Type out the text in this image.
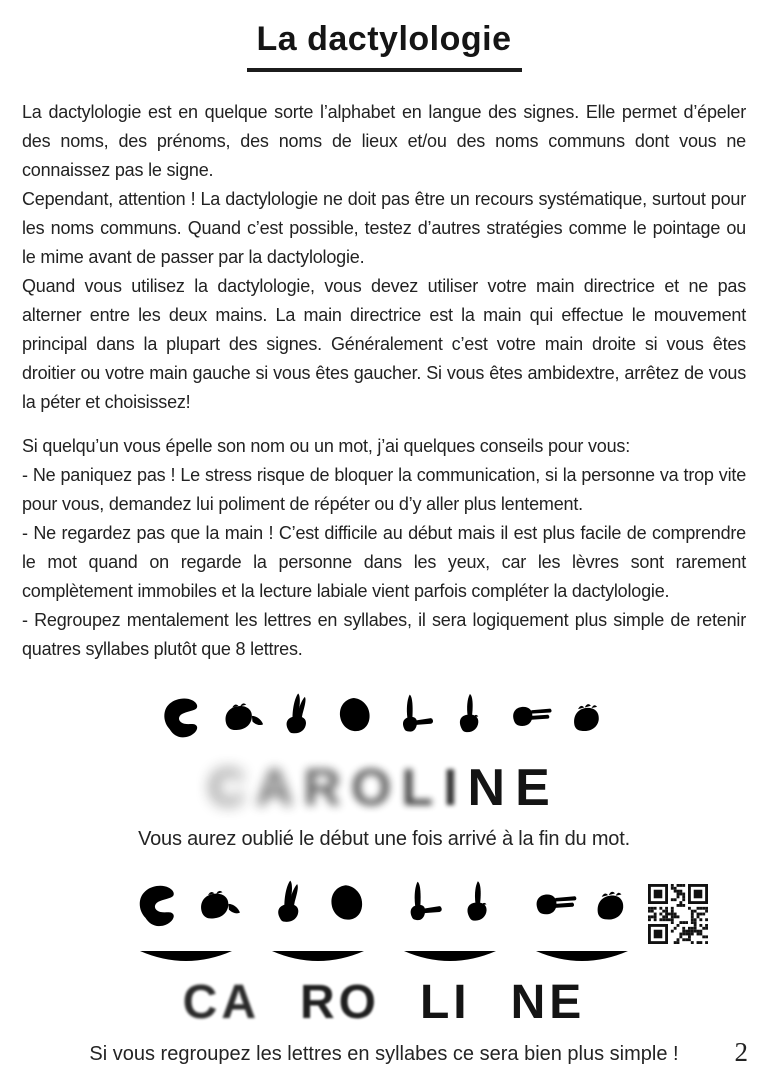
La dactylologie

La dactylologie est en quelque sorte l’alphabet en langue des signes. Elle permet d’épeler des noms, des prénoms, des noms de lieux et/ou des noms communs dont vous ne connaissez pas le signe.

Cependant, attention ! La dactylologie ne doit pas être un recours systématique, surtout pour les noms communs. Quand c’est possible, testez d’autres stratégies comme le pointage ou le mime avant de passer par la dactylologie.

Quand vous utilisez la dactylologie, vous devez utiliser votre main directrice et ne pas alterner entre les deux mains. La main directrice est la main qui effectue le mouvement principal dans la plupart des signes. Généralement c’est votre main droite si vous êtes droitier ou votre main gauche si vous êtes gaucher. Si vous êtes ambidextre, arrêtez de vous la péter et choisissez!

Si quelqu’un vous épelle son nom ou un mot, j’ai quelques conseils pour vous:

- Ne paniquez pas ! Le stress risque de bloquer la communication, si la personne va trop vite pour vous, demandez lui poliment de répéter ou d’y aller plus lentement.

- Ne regardez pas que la main ! C’est difficile au début mais il est plus facile de comprendre le mot quand on regarde la personne dans les yeux, car les lèvres sont rarement complètement immobiles et la lecture labiale vient parfois compléter la dactylologie.

- Regroupez mentalement les lettres en syllabes, il sera logiquement plus simple de retenir quatres syllabes plutôt que 8 lettres.

CAROLINE
Vous aurez oublié le début une fois arrivé à la fin du mot.
CA RO LI NE
Si vous regroupez les lettres en syllabes ce sera bien plus simple !	2
